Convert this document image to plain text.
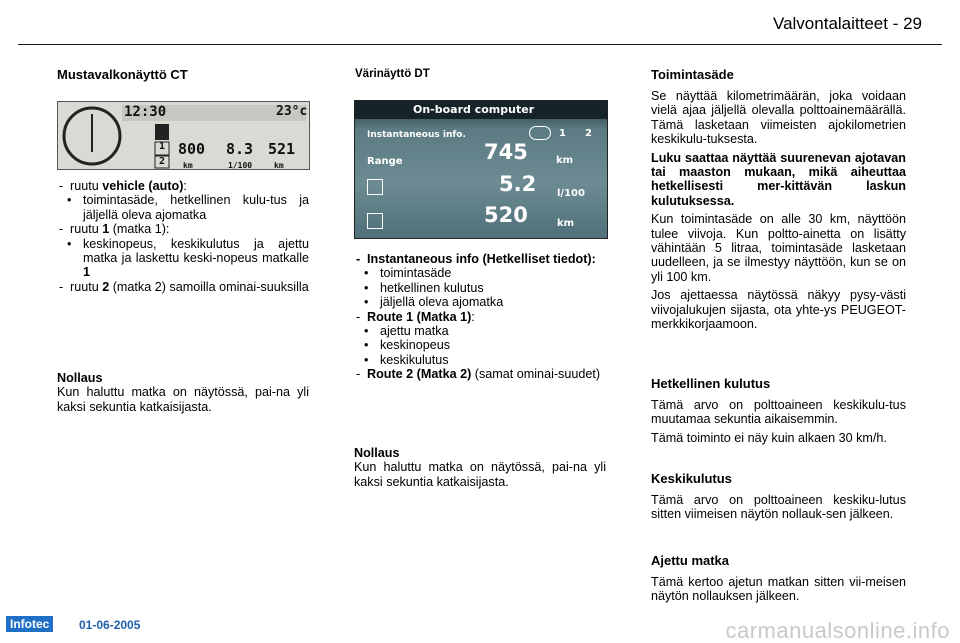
Valvontalaitteet - 29
Mustavalkonäyttö CT
12:30	23°c
1
2
800 8.3 521
km	1/100	km
- ruutu vehicle (auto):
• toimintasäde, hetkellinen kulu-tus ja jäljellä oleva ajomatka
- ruutu 1 (matka 1):
• keskinopeus, keskikulutus ja ajettu matka ja laskettu keski-nopeus matkalle 1
- ruutu 2 (matka 2) samoilla ominai-suuksilla
Nollaus

Kun haluttu matka on näytössä, pai-na yli kaksi sekuntia katkaisijasta.

Värinäyttö DT
On-board computer
Instantaneous info.	1 2
Range	745	km
5.2 l/100
520	km
- Instantaneous info (Hetkelliset tiedot):
• toimintasäde
• hetkellinen kulutus
• jäljellä oleva ajomatka
- Route 1 (Matka 1):
• ajettu matka
• keskinopeus
• keskikulutus
- Route 2 (Matka 2) (samat ominai-suudet)
Nollaus

Kun haluttu matka on näytössä, pai-na yli kaksi sekuntia katkaisijasta.

Toimintasäde

Se näyttää kilometrimäärän, joka voidaan vielä ajaa jäljellä olevalla polttoainemäärällä. Tämä lasketaan viimeisten ajokilometrien keskikulu-tuksesta.

Luku saattaa näyttää suurenevan ajotavan tai maaston mukaan, mikä aiheuttaa hetkellisesti mer-kittävän laskun kulutuksessa.

Kun toimintasäde on alle 30 km, näyttöön tulee viivoja. Kun poltto-ainetta on lisätty vähintään 5 litraa, toimintasäde lasketaan uudelleen, ja se ilmestyy näyttöön, kun se on yli 100 km.

Jos ajettaessa näytössä näkyy pysy-västi viivojalukujen sijasta, ota yhte-ys PEUGEOT-merkkikorjaamoon.

Hetkellinen kulutus

Tämä arvo on polttoaineen keskikulu-tus muutamaa sekuntia aikaisemmin.

Tämä toiminto ei näy kuin alkaen 30 km/h.

Keskikulutus

Tämä arvo on polttoaineen keskiku-lutus sitten viimeisen näytön nollauk-sen jälkeen.

Ajettu matka

Tämä kertoo ajetun matkan sitten vii-meisen näytön nollauksen jälkeen.

Infotec	01-06-2005	carmanualsonline.info
